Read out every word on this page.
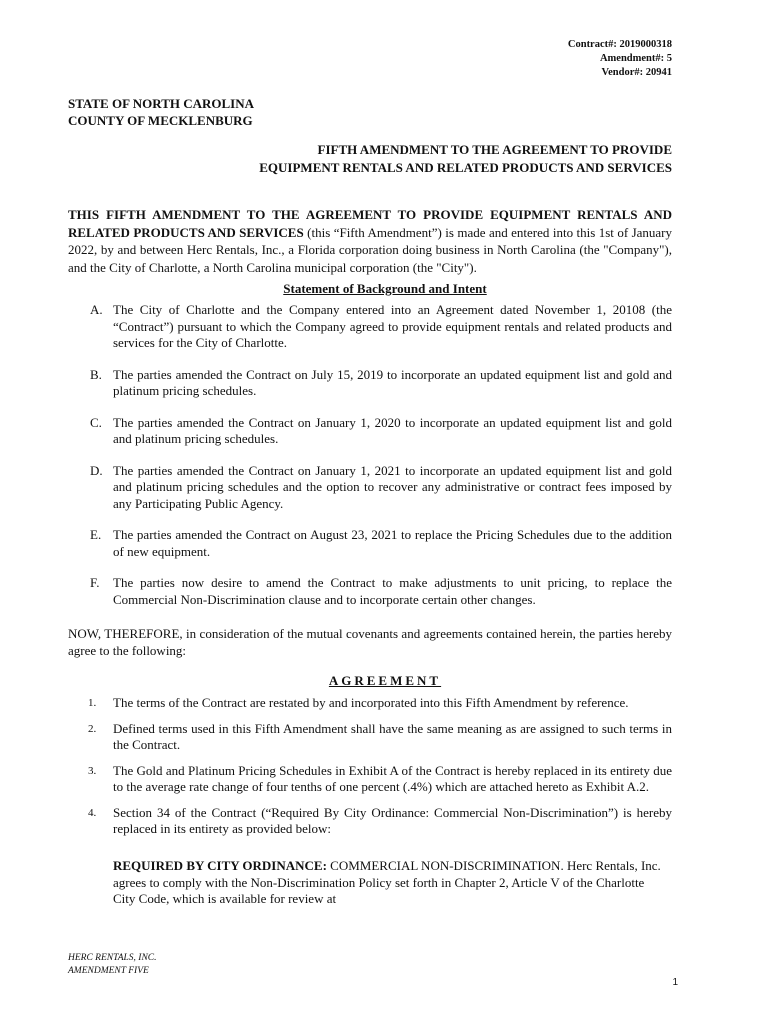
Contract#: 2019000318
Amendment#: 5
Vendor#: 20941
STATE OF NORTH CAROLINA
COUNTY OF MECKLENBURG
FIFTH AMENDMENT TO THE AGREEMENT TO PROVIDE
EQUIPMENT RENTALS AND RELATED PRODUCTS AND SERVICES
THIS FIFTH AMENDMENT TO THE AGREEMENT TO PROVIDE EQUIPMENT RENTALS AND RELATED PRODUCTS AND SERVICES (this “Fifth Amendment”) is made and entered into this 1st of January 2022, by and between Herc Rentals, Inc., a Florida corporation doing business in North Carolina (the "Company"), and the City of Charlotte, a North Carolina municipal corporation (the "City").
Statement of Background and Intent
A. The City of Charlotte and the Company entered into an Agreement dated November 1, 20108 (the “Contract”) pursuant to which the Company agreed to provide equipment rentals and related products and services for the City of Charlotte.
B. The parties amended the Contract on July 15, 2019 to incorporate an updated equipment list and gold and platinum pricing schedules.
C. The parties amended the Contract on January 1, 2020 to incorporate an updated equipment list and gold and platinum pricing schedules.
D. The parties amended the Contract on January 1, 2021 to incorporate an updated equipment list and gold and platinum pricing schedules and the option to recover any administrative or contract fees imposed by any Participating Public Agency.
E. The parties amended the Contract on August 23, 2021 to replace the Pricing Schedules due to the addition of new equipment.
F.	The parties now desire to amend the Contract to make adjustments to unit pricing, to replace the Commercial Non-Discrimination clause and to incorporate certain other changes.
NOW, THEREFORE, in consideration of the mutual covenants and agreements contained herein, the parties hereby agree to the following:
AGREEMENT
1.	The terms of the Contract are restated by and incorporated into this Fifth Amendment by reference.
2.	Defined terms used in this Fifth Amendment shall have the same meaning as are assigned to such terms in the Contract.
3.	The Gold and Platinum Pricing Schedules in Exhibit A of the Contract is hereby replaced in its entirety due to the average rate change of four tenths of one percent (.4%) which are attached hereto as Exhibit A.2.
4.	Section 34 of the Contract (“Required By City Ordinance: Commercial Non-Discrimination”) is hereby replaced in its entirety as provided below:
REQUIRED BY CITY ORDINANCE: COMMERCIAL NON-DISCRIMINATION. Herc Rentals, Inc. agrees to comply with the Non-Discrimination Policy set forth in Chapter 2, Article V of the Charlotte City Code, which is available for review at
HERC RENTALS, INC.
AMENDMENT FIVE
1
